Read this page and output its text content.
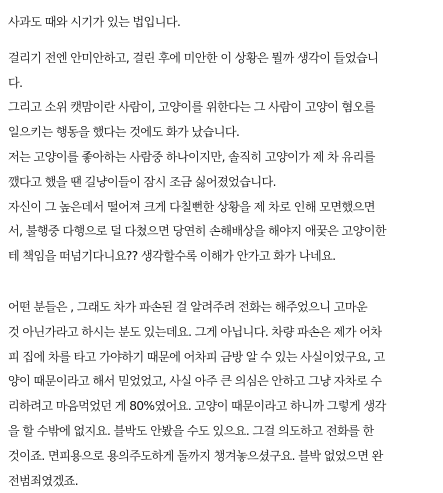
사과도 때와 시기가 있는 법입니다.

걸리기 전엔 안미안하고, 걸린 후에 미안한 이 상황은 뭘까 생각이 들었습니
다.

그리고 소위 캣맘이란 사람이, 고양이를 위한다는 그 사람이 고양이 혐오를
일으키는 행동을 했다는 것에도 화가 났습니다.

저는 고양이를 좋아하는 사람중 하나이지만, 솔직히 고양이가 제 차 유리를
깼다고 했을 땐 길냥이들이 잠시 조금 싫어졌었습니다.
자신이 그 높은데서 떨어져 크게 다칠뻔한 상황을 제 차로 인해 모면했으면
서, 불행중 다행으로 덜 다쳤으면 당연히 손해배상을 해야지 애꿎은 고양이한
테 책임을 떠넘기다니요?? 생각할수록 이해가 안가고 화가 나네요.

어떤 분들은 , 그래도 차가 파손된 걸 알려주려 전화는 해주었으니 고마운
것 아닌가라고 하시는 분도 있는데요. 그게 아닙니다. 차량 파손은 제가 어차
피 집에 차를 타고 가야하기 때문에 어차피 금방 알 수 있는 사실이었구요, 고
양이 때문이라고 해서 믿었었고, 사실 아주 큰 의심은 안하고 그냥 자차로 수
리하려고 마음먹었던 게 80%였어요. 고양이 때문이라고 하니까 그렇게 생각
을 할 수밖에 없지요. 블박도 안봤을 수도 있으요. 그걸 의도하고 전화를 한
것이죠. 면피용으로 용의주도하게 돌까지 챙겨놓으셨구요. 블박 없었으면 완
전범죄였겠죠.
